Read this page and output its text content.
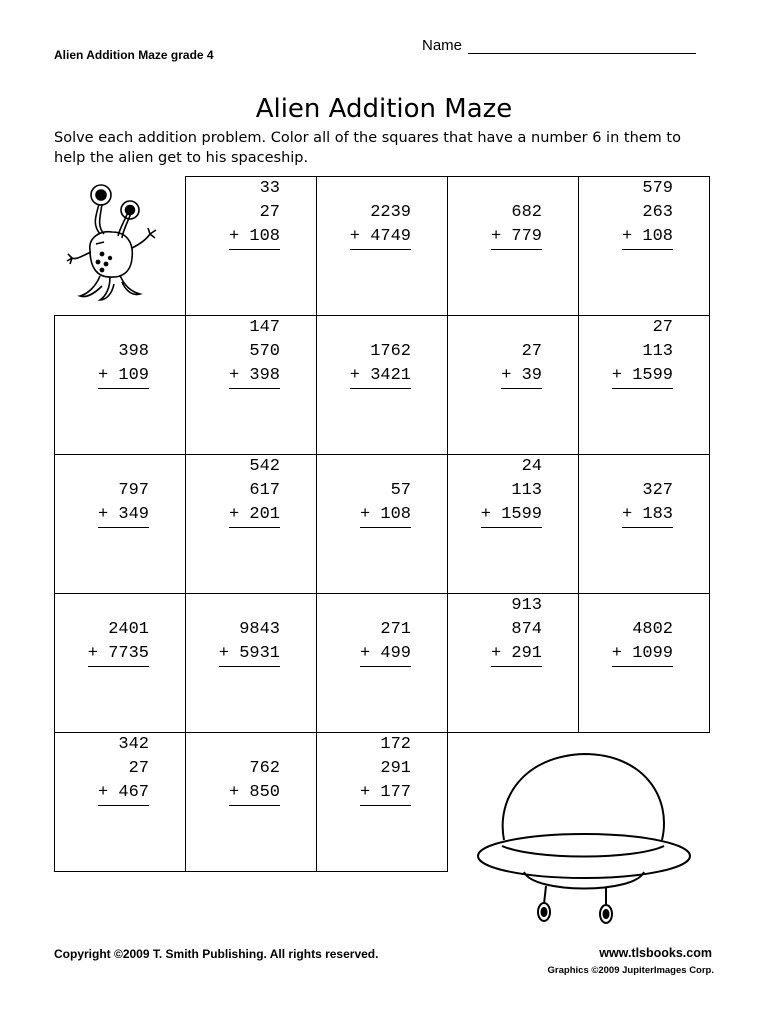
Alien Addition Maze grade 4
Name
Alien Addition Maze
Solve each addition problem. Color all of the squares that have a number 6 in them to help the alien get to his spaceship.
33
27
+ 108
2239
+ 4749
682
+ 779
579
263
+ 108
398
+ 109
147
570
+ 398
1762
+ 3421
27
+ 39
27
113
+ 1599
797
+ 349
542
617
+ 201
57
+ 108
24
113
+ 1599
327
+ 183
2401
+ 7735
9843
+ 5931
271
+ 499
913
874
+ 291
4802
+ 1099
342
27
+ 467
762
+ 850
172
291
+ 177
Copyright ©2009 T. Smith Publishing. All rights reserved.	www.tlsbooks.com
Graphics ©2009 JupiterImages Corp.
